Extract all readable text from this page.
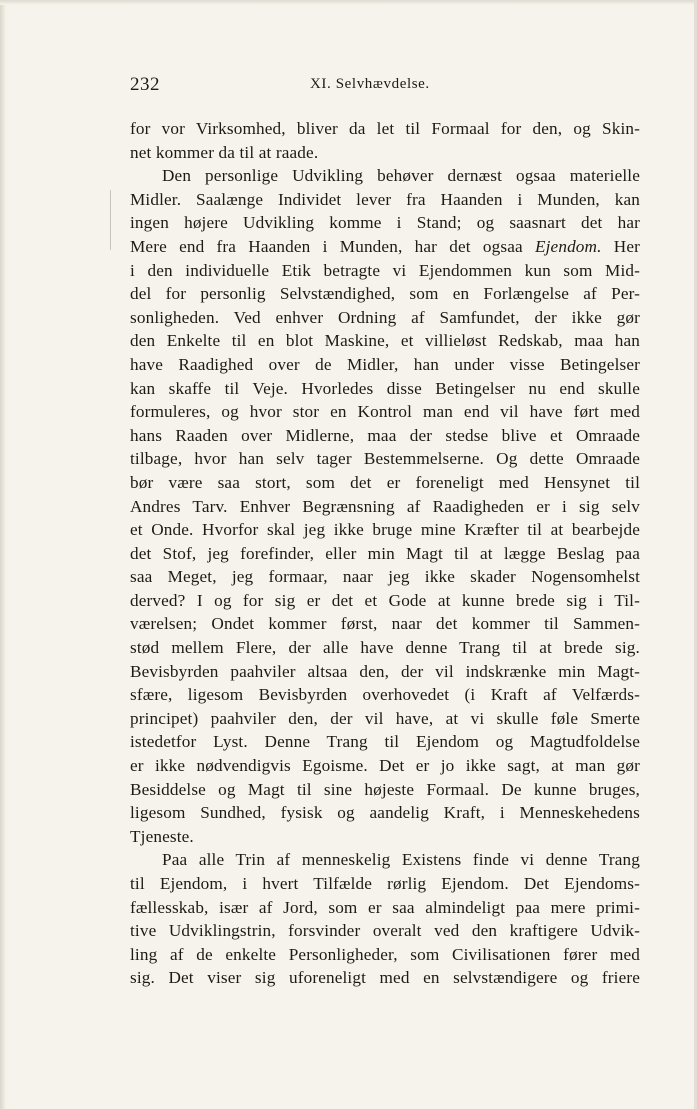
232	XI. Selvhævdelse.
for vor Virksomhed, bliver da let til Formaal for den, og Skin-
net kommer da til at raade.
Den personlige Udvikling behøver dernæst ogsaa materielle
Midler. Saalænge Individet lever fra Haanden i Munden, kan
ingen højere Udvikling komme i Stand; og saasnart det har
Mere end fra Haanden i Munden, har det ogsaa Ejendom. Her
i den individuelle Etik betragte vi Ejendommen kun som Mid-
del for personlig Selvstændighed, som en Forlængelse af Per-
sonligheden. Ved enhver Ordning af Samfundet, der ikke gør
den Enkelte til en blot Maskine, et villieløst Redskab, maa han
have Raadighed over de Midler, han under visse Betingelser
kan skaffe til Veje. Hvorledes disse Betingelser nu end skulle
formuleres, og hvor stor en Kontrol man end vil have ført med
hans Raaden over Midlerne, maa der stedse blive et Omraade
tilbage, hvor han selv tager Bestemmelserne. Og dette Omraade
bør være saa stort, som det er foreneligt med Hensynet til
Andres Tarv. Enhver Begrænsning af Raadigheden er i sig selv
et Onde. Hvorfor skal jeg ikke bruge mine Kræfter til at bearbejde
det Stof, jeg forefinder, eller min Magt til at lægge Beslag paa
saa Meget, jeg formaar, naar jeg ikke skader Nogensomhelst
derved? I og for sig er det et Gode at kunne brede sig i Til-
værelsen; Ondet kommer først, naar det kommer til Sammen-
stød mellem Flere, der alle have denne Trang til at brede sig.
Bevisbyrden paahviler altsaa den, der vil indskrænke min Magt-
sfære, ligesom Bevisbyrden overhovedet (i Kraft af Velfærds-
principet) paahviler den, der vil have, at vi skulle føle Smerte
istedetfor Lyst. Denne Trang til Ejendom og Magtudfoldelse
er ikke nødvendigvis Egoisme. Det er jo ikke sagt, at man gør
Besiddelse og Magt til sine højeste Formaal. De kunne bruges,
ligesom Sundhed, fysisk og aandelig Kraft, i Menneskehedens
Tjeneste.
Paa alle Trin af menneskelig Existens finde vi denne Trang
til Ejendom, i hvert Tilfælde rørlig Ejendom. Det Ejendoms-
fællesskab, især af Jord, som er saa almindeligt paa mere primi-
tive Udviklingstrin, forsvinder overalt ved den kraftigere Udvik-
ling af de enkelte Personligheder, som Civilisationen fører med
sig. Det viser sig uforeneligt med en selvstændigere og friere
